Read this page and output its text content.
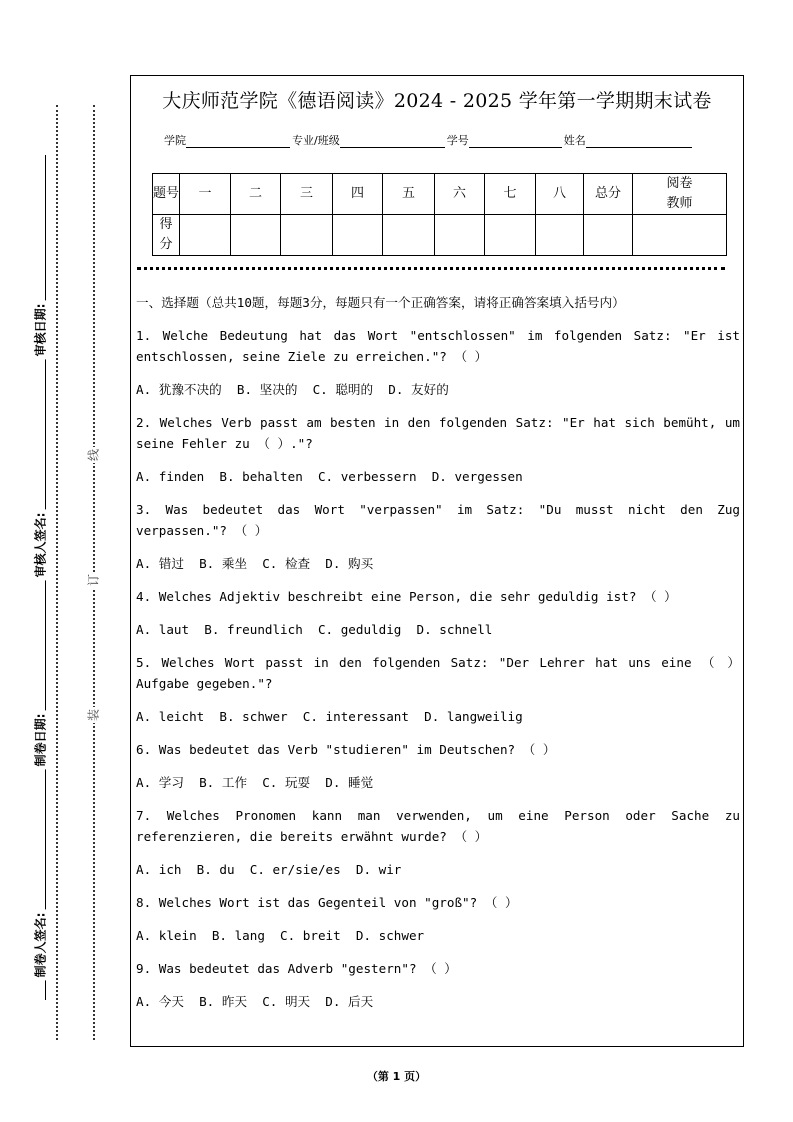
审核日期:
审核人签名:
制卷日期:
制卷人签名:
线
订
装
大庆师范学院《德语阅读》2024 - 2025 学年第一学期期末试卷
学院	专业/班级	学号	姓名
题号	一	二	三	四	五	六	七	八	总分	阅卷教师
得分										

一、选择题（总共10题，每题3分，每题只有一个正确答案，请将正确答案填入括号内）

1. Welche Bedeutung hat das Wort "entschlossen" im folgenden Satz: "Er ist entschlossen, seine Ziele zu erreichen."? （ ）

A. 犹豫不决的  B. 坚决的  C. 聪明的  D. 友好的

2. Welches Verb passt am besten in den folgenden Satz: "Er hat sich bemüht, um seine Fehler zu （ ）."?

A. finden  B. behalten  C. verbessern  D. vergessen

3. Was bedeutet das Wort "verpassen" im Satz: "Du musst nicht den Zug verpassen."? （ ）

A. 错过  B. 乘坐  C. 检查  D. 购买

4. Welches Adjektiv beschreibt eine Person, die sehr geduldig ist? （ ）

A. laut  B. freundlich  C. geduldig  D. schnell

5. Welches Wort passt in den folgenden Satz: "Der Lehrer hat uns eine （ ） Aufgabe gegeben."?

A. leicht  B. schwer  C. interessant  D. langweilig

6. Was bedeutet das Verb "studieren" im Deutschen? （ ）

A. 学习  B. 工作  C. 玩耍  D. 睡觉

7. Welches Pronomen kann man verwenden, um eine Person oder Sache zu referenzieren, die bereits erwähnt wurde? （ ）

A. ich  B. du  C. er/sie/es  D. wir

8. Welches Wort ist das Gegenteil von "groß"? （ ）

A. klein  B. lang  C. breit  D. schwer

9. Was bedeutet das Adverb "gestern"? （ ）

A. 今天  B. 昨天  C. 明天  D. 后天

（第 1 页）
